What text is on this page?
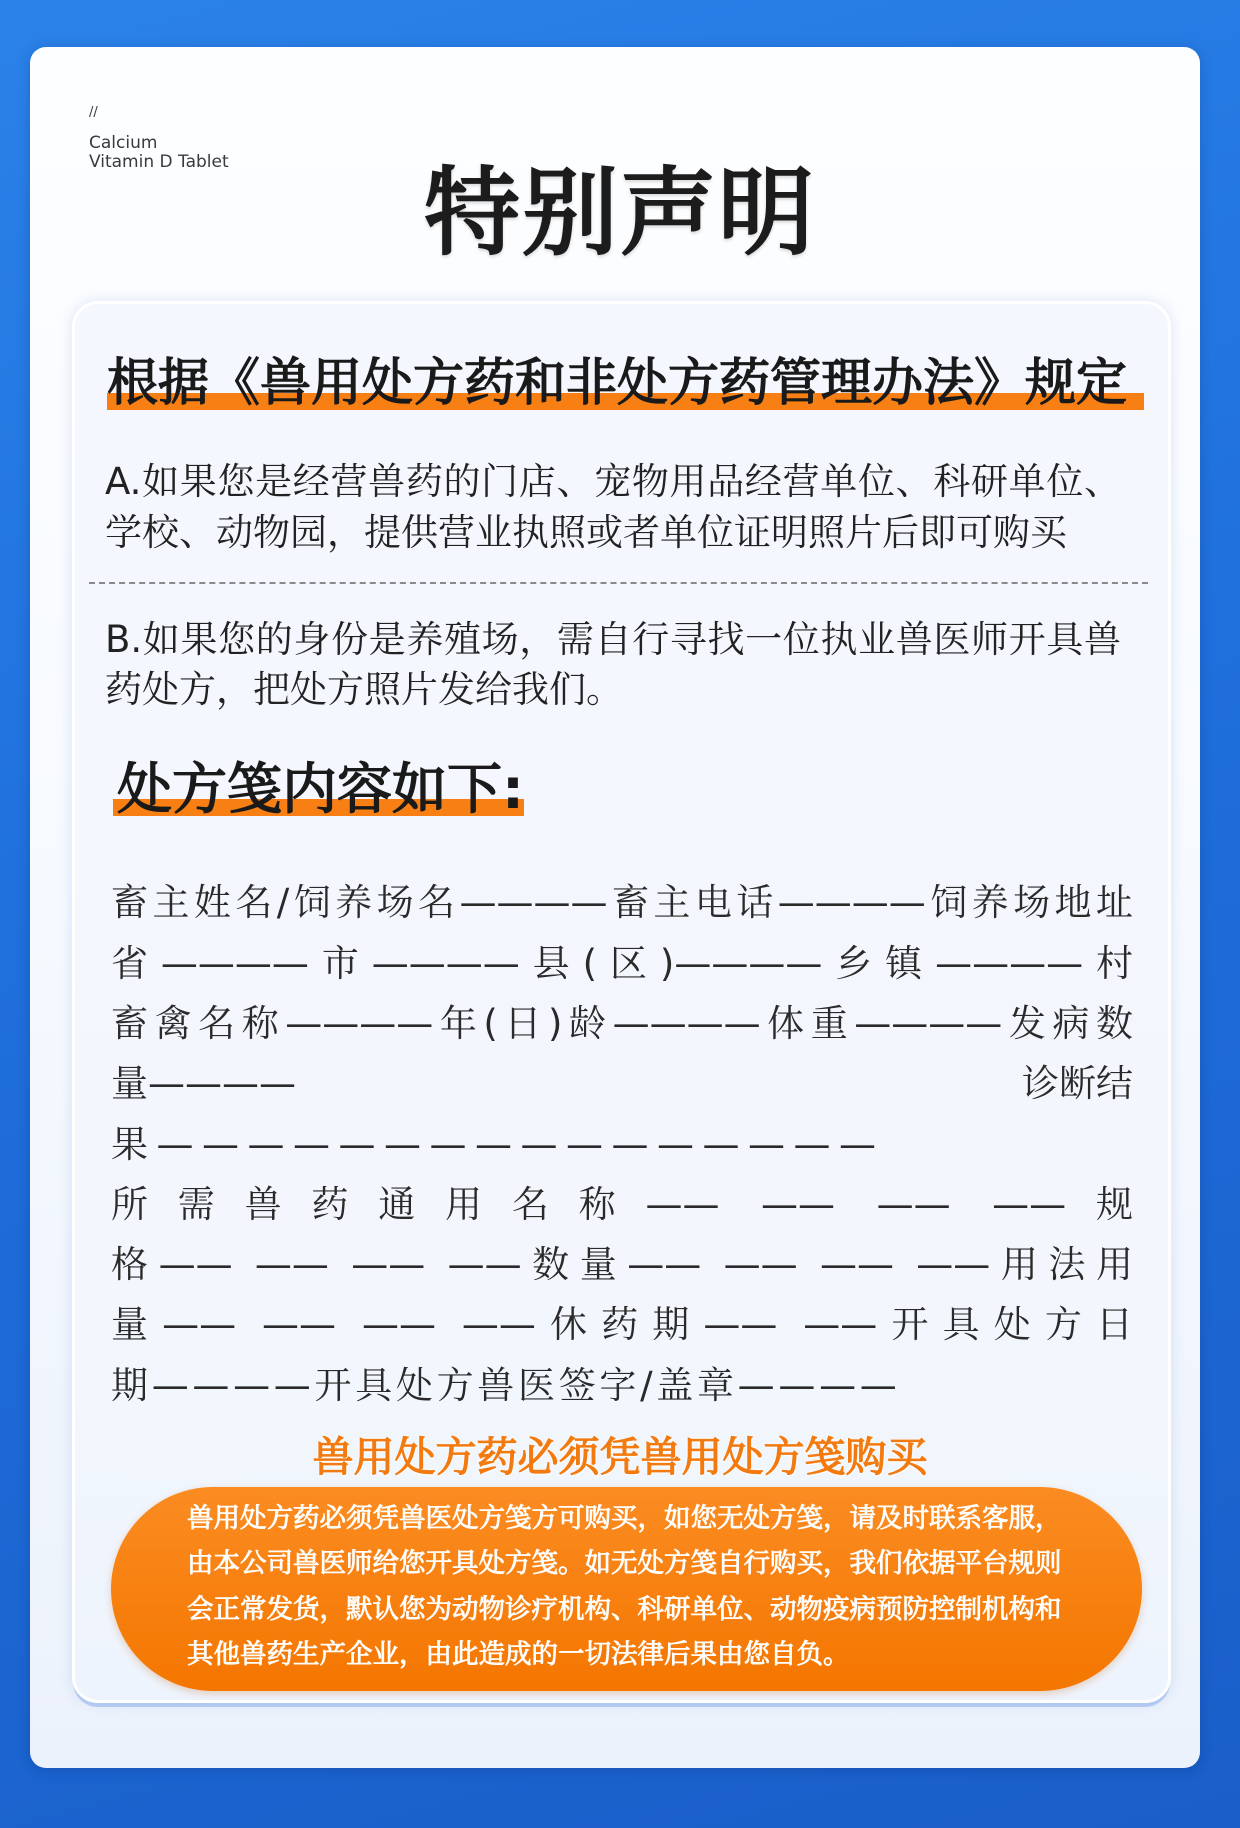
//
Calcium
Vitamin D Tablet	特别声明
根据《兽用处方药和非处方药管理办法》规定
A.如果您是经营兽药的门店、宠物用品经营单位、科研单位、
学校、动物园，提供营业执照或者单位证明照片后即可购买
B.如果您的身份是养殖场，需自行寻找一位执业兽医师开具兽
药处方，把处方照片发给我们。
处方笺内容如下:
畜主姓名/饲养场名————畜主电话————饲养场地址
省————市————县(区)————乡镇————村
畜禽名称————年(日)龄————体重————发病数
量————	诊断结
果————————————————
所需兽药通用名称—— —— —— ——规
格—— —— —— ——数量—— —— —— ——用法用
量—— —— —— ——休药期—— ——开具处方日
期————开具处方兽医签字/盖章————
兽用处方药必须凭兽用处方笺购买
兽用处方药必须凭兽医处方笺方可购买，如您无处方笺，请及时联系客服，
由本公司兽医师给您开具处方笺。如无处方笺自行购买，我们依据平台规则
会正常发货，默认您为动物诊疗机构、科研单位、动物疫病预防控制机构和
其他兽药生产企业，由此造成的一切法律后果由您自负。
